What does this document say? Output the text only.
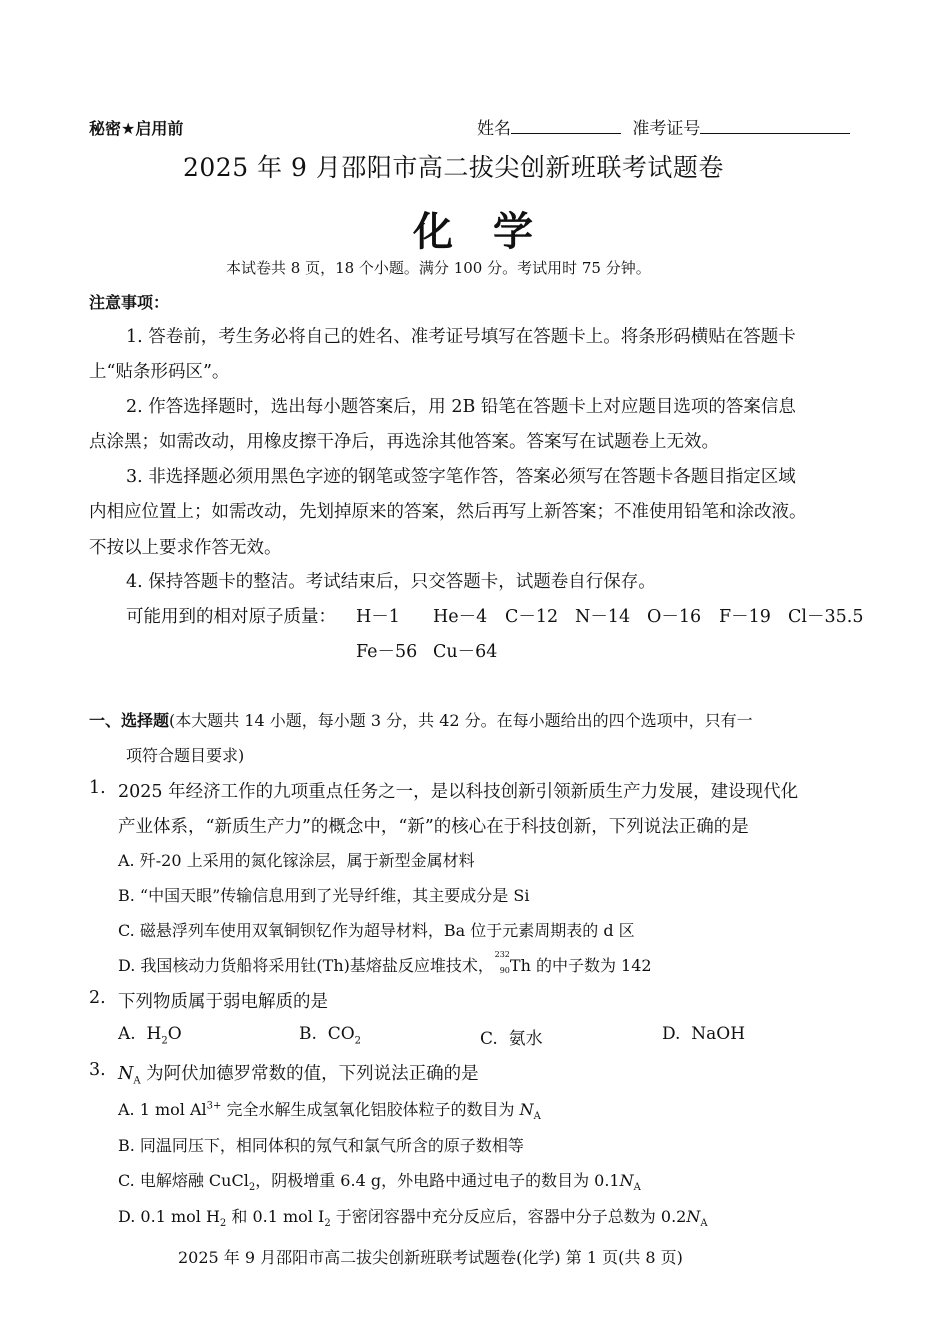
秘密★启用前	姓名	准考证号
2025 年 9 月邵阳市高二拔尖创新班联考试题卷
化学
本试卷共 8 页，18 个小题。满分 100 分。考试用时 75 分钟。
注意事项：
1. 答卷前，考生务必将自己的姓名、准考证号填写在答题卡上。将条形码横贴在答题卡
上“贴条形码区”。
2. 作答选择题时，选出每小题答案后，用 2B 铅笔在答题卡上对应题目选项的答案信息
点涂黑；如需改动，用橡皮擦干净后，再选涂其他答案。答案写在试题卷上无效。
3. 非选择题必须用黑色字迹的钢笔或签字笔作答，答案必须写在答题卡各题目指定区域
内相应位置上；如需改动，先划掉原来的答案，然后再写上新答案；不准使用铅笔和涂改液。
不按以上要求作答无效。
4. 保持答题卡的整洁。考试结束后，只交答题卡，试题卷自行保存。
可能用到的相对原子质量： H－1 He－4 C－12 N－14 O－16 F－19 Cl－35.5
Fe－56 Cu－64
一、选择题(本大题共 14 小题，每小题 3 分，共 42 分。在每小题给出的四个选项中，只有一
项符合题目要求)
1. 2025 年经济工作的九项重点任务之一，是以科技创新引领新质生产力发展，建设现代化
产业体系，“新质生产力”的概念中，“新”的核心在于科技创新，下列说法正确的是
A. 歼-20 上采用的氮化镓涂层，属于新型金属材料
B. “中国天眼”传输信息用到了光导纤维，其主要成分是 Si
C. 磁悬浮列车使用双氧铜钡钇作为超导材料，Ba 位于元素周期表的 d 区
D. 我国核动力货船将采用钍(Th)基熔盐反应堆技术，
232
90 Th 的中子数为 142
2. 下列物质属于弱电解质的是
A. $H_2O$	B. $CO_2$	C. 氨水	D. NaOH
3. $N_A$ 为阿伏加德罗常数的值，下列说法正确的是
A. 1 mol $Al^{3+}$ 完全水解生成氢氧化铝胶体粒子的数目为 $N_A$
B. 同温同压下，相同体积的氖气和氯气所含的原子数相等
C. 电解熔融 CuCl$_2$，阴极增重 6.4 g，外电路中通过电子的数目为 $0.1N_A$
D. 0.1 mol $H_2$ 和 0.1 mol $I_2$ 于密闭容器中充分反应后，容器中分子总数为 $0.2N_A$
2025 年 9 月邵阳市高二拔尖创新班联考试题卷(化学) 第 1 页(共 8 页)
